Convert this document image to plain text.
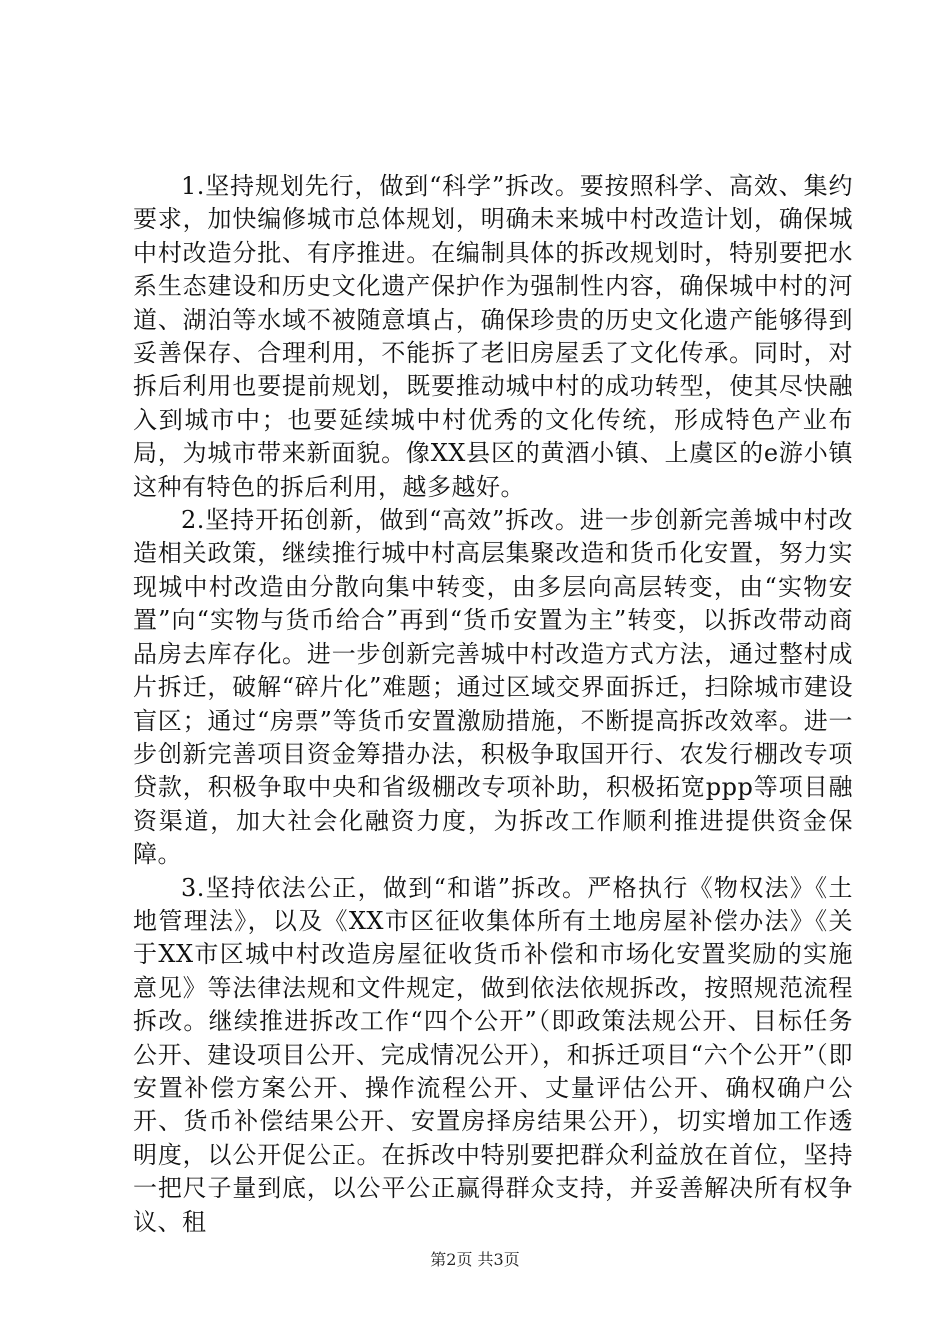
1.坚持规划先行，做到“科学”拆改。要按照科学、高效、集约要求，加快编修城市总体规划，明确未来城中村改造计划，确保城中村改造分批、有序推进。在编制具体的拆改规划时，特别要把水系生态建设和历史文化遗产保护作为强制性内容，确保城中村的河道、湖泊等水域不被随意填占，确保珍贵的历史文化遗产能够得到妥善保存、合理利用，不能拆了老旧房屋丢了文化传承。同时，对拆后利用也要提前规划，既要推动城中村的成功转型，使其尽快融入到城市中；也要延续城中村优秀的文化传统，形成特色产业布局，为城市带来新面貌。像XX县区的黄酒小镇、上虞区的e游小镇这种有特色的拆后利用，越多越好。

2.坚持开拓创新，做到“高效”拆改。进一步创新完善城中村改造相关政策，继续推行城中村高层集聚改造和货币化安置，努力实现城中村改造由分散向集中转变，由多层向高层转变，由“实物安置”向“实物与货币给合”再到“货币安置为主”转变，以拆改带动商品房去库存化。进一步创新完善城中村改造方式方法，通过整村成片拆迁，破解“碎片化”难题；通过区域交界面拆迁，扫除城市建设盲区；通过“房票”等货币安置激励措施，不断提高拆改效率。进一步创新完善项目资金筹措办法，积极争取国开行、农发行棚改专项贷款，积极争取中央和省级棚改专项补助，积极拓宽ppp等项目融资渠道，加大社会化融资力度，为拆改工作顺利推进提供资金保障。

3.坚持依法公正，做到“和谐”拆改。严格执行《物权法》《土地管理法》，以及《XX市区征收集体所有土地房屋补偿办法》《关于XX市区城中村改造房屋征收货币补偿和市场化安置奖励的实施意见》等法律法规和文件规定，做到依法依规拆改，按照规范流程拆改。继续推进拆改工作“四个公开”（即政策法规公开、目标任务公开、建设项目公开、完成情况公开），和拆迁项目“六个公开”（即安置补偿方案公开、操作流程公开、丈量评估公开、确权确户公开、货币补偿结果公开、安置房择房结果公开），切实增加工作透明度，以公开促公正。在拆改中特别要把群众利益放在首位，坚持一把尺子量到底，以公平公正赢得群众支持，并妥善解决所有权争议、租

第2页 共3页
